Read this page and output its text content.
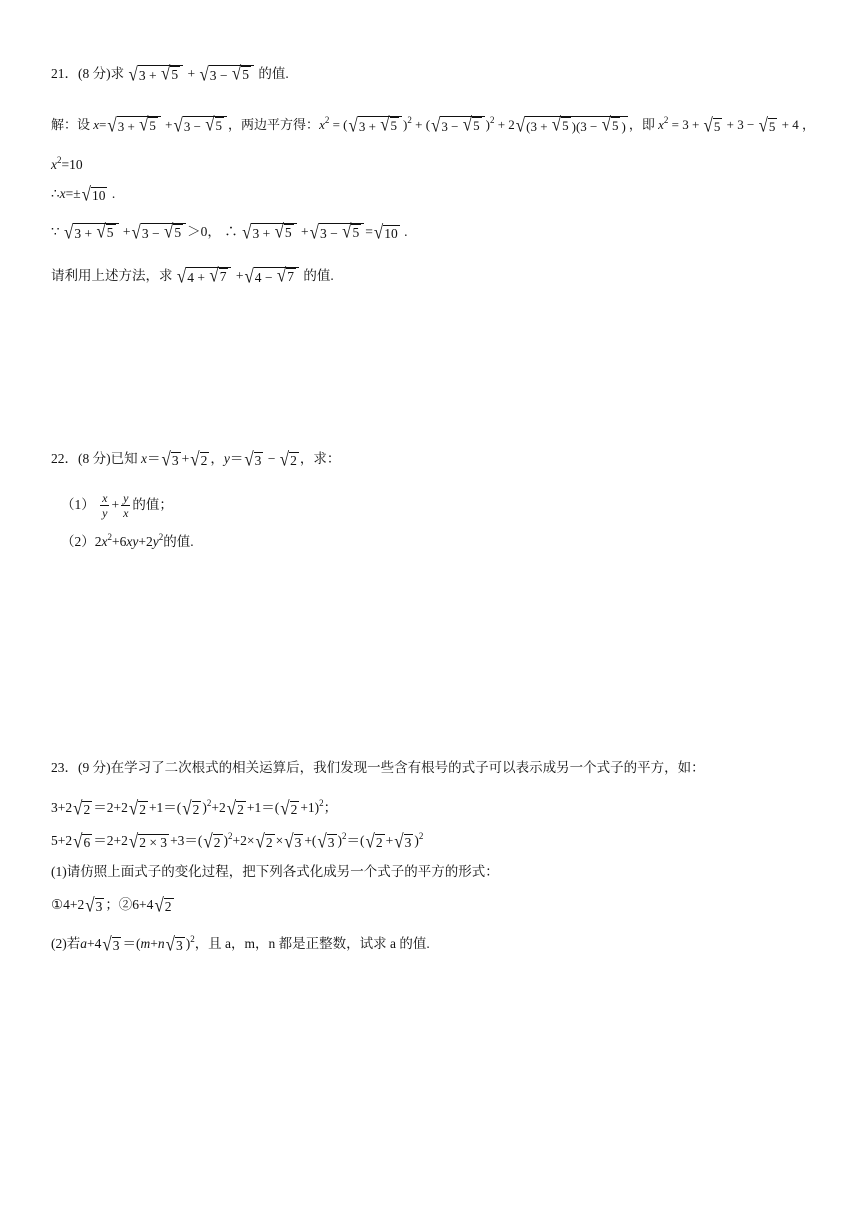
21．(8 分)求 √ 3 + √ 5 + √ 3 − √ 5 的值.
解：设 x= √ 3 + √ 5 + √ 3 − √ 5 ，两边平方得：$x^2$ = ( √ 3 + √ 5 )$^2$ + ( √ 3 − √ 5 )$^2$ + 2 √ (3 + √ 5 )(3 − √ 5 ) ，即 $x^2 = 3$ + √ 5 + 3 − √ 5 + 4 ，
$x^2=10$
∴x=± √ 10 .
∵ √ 3 + √ 5 + √ 3 − √ 5 ＞0， ∴ √ 3 + √ 5 + √ 3 − √ 5 = √ 10 .
请利用上述方法，求 √ 4 + √ 7 + √ 4 − √ 7 的值.
22．(8 分)已知 x＝ √ 3 + √ 2 ，y＝ √ 3 − √ 2 ，求：
$(1) \frac{x}{y} + \frac{y}{x}$ 的值；
$(2)2x^2+6xy+2y^2$的值.
23．(9 分)在学习了二次根式的相关运算后，我们发现一些含有根号的式子可以表示成另一个式子的平方，如：
3+2 √ 2 ＝2+2 √ 2 +1＝( √ 2 )$^2$+2 √ 2 +1＝( √ 2 +1)$^2$；
5+2 √ 6 ＝2+2 √ 2 × 3 +3＝( √ 2 )$^2$+2× √ 2 × √ 3 +( √ 3 )$^2$＝( √ 2 + √ 3 )$^2$
(1)请仿照上面式子的变化过程，把下列各式化成另一个式子的平方的形式：
①4+2 √ 3 ；②6+4 √ 2
(2)若a+4 √ 3 ＝(m+n √ 3 )$^2$，且 a，m，n 都是正整数，试求 a 的值.
